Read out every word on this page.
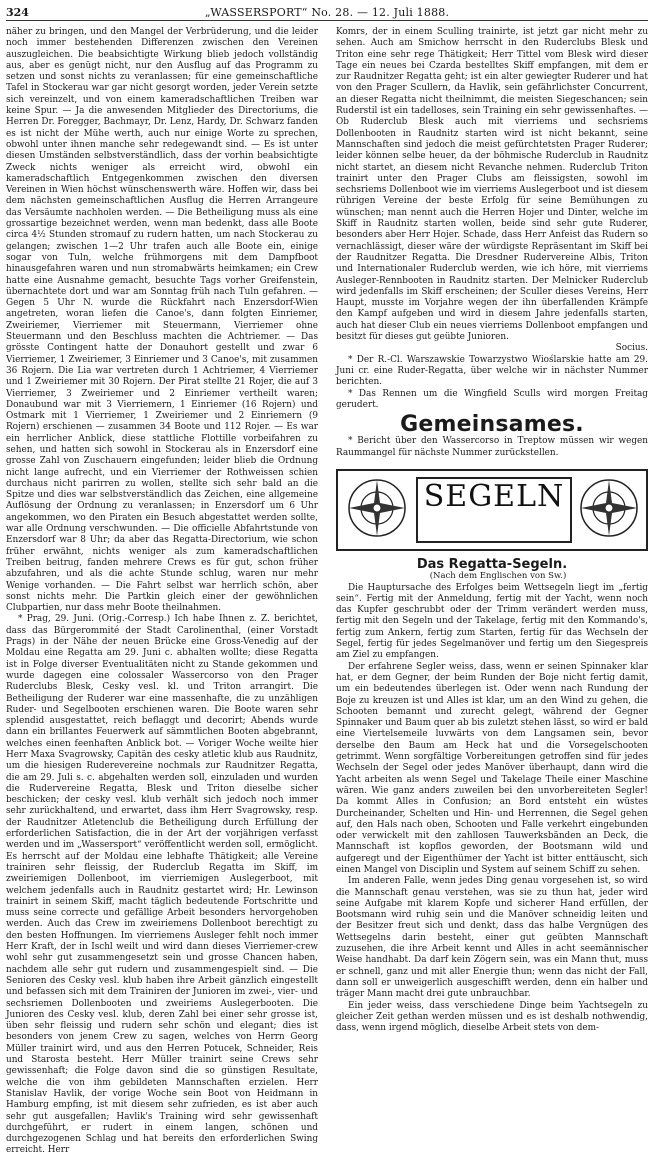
324	„WASSERSPORT“ No. 28. — 12. Juli 1888.

näher zu bringen, und den Mangel der Verbrüderung, und die leider noch immer bestehenden Differenzen zwischen den Vereinen auszugleichen. Die beabsichtigte Wirkung blieb jedoch vollständig aus, aber es genügt nicht, nur den Ausflug auf das Programm zu setzen und sonst nichts zu veranlassen; für eine gemeinschaftliche Tafel in Stockerau war gar nicht gesorgt worden, jeder Verein setzte sich vereinzelt, und von einem kameradschaftlichen Treiben war keine Spur. — Ja die anwesenden Mitglieder des Directoriums, die Herren Dr. Foregger, Bachmayr, Dr. Lenz, Hardy, Dr. Schwarz fanden es ist nicht der Mühe werth, auch nur einige Worte zu sprechen, obwohl unter ihnen manche sehr redegewandt sind. — Es ist unter diesen Umständen selbstverständlich, dass der vorhin beabsichtigte Zweck nichts weniger als erreicht wird, obwohl ein kameradschaftlich Entgegenkommen zwischen den diversen Vereinen in Wien höchst wünschenswerth wäre. Hoffen wir, dass bei dem nächsten gemeinschaftlichen Ausflug die Herren Arrangeure das Versäumte nachholen werden. — Die Betheiligung muss als eine grossartige bezeichnet werden, wenn man bedenkt, dass alle Boote circa 4½ Stunden stromauf zu rudern hatten, um nach Stockerau zu gelangen; zwischen 1—2 Uhr trafen auch alle Boote ein, einige sogar von Tuln, welche frühmorgens mit dem Dampfboot hinausgefahren waren und nun stromabwärts heimkamen; ein Crew hatte eine Ausnahme gemacht, besuchte Tags vorher Greifenstein, übernachtete dort und war am Sonntag früh nach Tuln gefahren. — Gegen 5 Uhr N. wurde die Rückfahrt nach Enzersdorf-Wien angetreten, woran liefen die Canoe's, dann folgten Einriemer, Zweiriemer, Vierriemer mit Steuermann, Vierriemer ohne Steuermann und den Beschluss machten die Achtriemer. — Das grösste Contingent hatte der Donauhort gestellt und zwar 6 Vierriemer, 1 Zweiriemer, 3 Einriemer und 3 Canoe's, mit zusammen 36 Rojern. Die Lia war vertreten durch 1 Achtriemer, 4 Vierriemer und 1 Zweiriemer mit 30 Rojern. Der Pirat stellte 21 Rojer, die auf 3 Vierriemer, 3 Zweiriemer und 2 Einriemer vertheilt waren; Donaubund war mit 3 Vierriemern, 1 Einriemer (16 Rojern) und Ostmark mit 1 Vierriemer, 1 Zweiriemer und 2 Einriemern (9 Rojern) erschienen — zusammen 34 Boote und 112 Rojer. — Es war ein herrlicher Anblick, diese stattliche Flottille vorbeifahren zu sehen, und hatten sich sowohl in Stockerau als in Enzersdorf eine grosse Zahl von Zuschauern eingefunden; leider blieb die Ordnung nicht lange aufrecht, und ein Vierriemer der Rothweissen schien durchaus nicht parirren zu wollen, stellte sich sehr bald an die Spitze und dies war selbstverständlich das Zeichen, eine allgemeine Auflösung der Ordnung zu veranlassen; in Enzersdorf um 6 Uhr angekommen, wo den Piraten ein Besuch abgestattet werden sollte, war alle Ordnung verschwunden. — Die officielle Abfahrtstunde von Enzersdorf war 8 Uhr; da aber das Regatta-Directorium, wie schon früher erwähnt, nichts weniger als zum kameradschaftlichen Treiben beitrug, fanden mehrere Crews es für gut, schon früher abzufahren, und als die achte Stunde schlug, waren nur mehr Wenige vorhanden. — Die Fahrt selbst war herrlich schön, aber sonst nichts mehr. Die Partkin gleich einer der gewöhnlichen Clubpartien, nur dass mehr Boote theilnahmen.

* Prag, 29. Juni. (Orig.-Corresp.) Ich habe Ihnen z. Z. berichtet, dass das Bürgerommité der Stadt Carolinenthal, (einer Vorstadt Prags) in der Nähe der neuen Brücke eine Gross-Venedig auf der Moldau eine Regatta am 29. Juni c. abhalten wollte; diese Regatta ist in Folge diverser Eventualitäten nicht zu Stande gekommen und wurde dagegen eine colossaler Wassercorso von den Prager Ruderclubs Blesk, Cesky vesl. kl. und Triton arrangirt. Die Betheiligung der Ruderer war eine massenhafte, die zu unzähligen Ruder- und Segelbooten erschienen waren. Die Boote waren sehr splendid ausgestattet, reich beflaggt und decorirt; Abends wurde dann ein brillantes Feuerwerk auf sämmtlichen Booten abgebrannt, welches einen feenhaften Anblick bot. — Voriger Woche weilte hier Herr Maxa Svagrowsky, Capitän des cesky atletic klub aus Raudnitz, um die hiesigen Ruderevereine nochmals zur Raudnitzer Regatta, die am 29. Juli s. c. abgehalten werden soll, einzuladen und wurden die Rudervereine Regatta, Blesk und Triton dieselbe sicher beschicken; der cesky vesl. klub verhält sich jedoch noch immer sehr zurückhaltend, und erwartet, dass ihm Herr Svagrowsky, resp. der Raudnitzer Atletenclub die Betheiligung durch Erfüllung der erforderlichen Satisfaction, die in der Art der vorjährigen verfasst werden und im „Wassersport“ veröffentlicht werden soll, ermöglicht. Es herrscht auf der Moldau eine lebhafte Thätigkeit; alle Vereine trainiren sehr fleissig, der Ruderclub Regatta im Skiff, im zweiriemigen Dollenboot, im vierriemigen Auslegerboot, mit welchem jedenfalls auch in Raudnitz gestartet wird; Hr. Lewinson trainirt in seinem Skiff, macht täglich bedeutende Fortschritte und muss seine correcte und gefällige Arbeit besonders hervorgehoben werden. Auch das Crew im zweiriemens Dollenboot berechtigt zu den besten Hoffnungen. Im vierriemens Ausleger fehlt noch immer Herr Kraft, der in Ischl weilt und wird dann dieses Vierriemer-crew wohl sehr gut zusammengesetzt sein und grosse Chancen haben, nachdem alle sehr gut rudern und zusammengespielt sind. — Die Senioren des Cesky vesl. klub haben ihre Arbeit gänzlich eingestellt und befassen sich mit dem Trainiren der Junioren im zwei-, vier- und sechsriemen Dollenbooten und zweiriems Auslegerbooten. Die Junioren des Cesky vesl. klub, deren Zahl bei einer sehr grosse ist, üben sehr fleissig und rudern sehr schön und elegant; dies ist besonders von jenem Crew zu sagen, welches von Herrn Georg Müller trainirt wird, und aus den Herren Potucek, Schneider, Reis und Starosta besteht. Herr Müller trainirt seine Crews sehr gewissenhaft; die Folge davon sind die so günstigen Resultate, welche die von ihm gebildeten Mannschaften erzielen. Herr Stanislav Havlik, der vorige Woche sein Boot von Heidmann in Hamburg empfing, ist mit diesem sehr zufrieden, es ist aber auch sehr gut ausgefallen; Havlik's Training wird sehr gewissenhaft durchgeführt, er rudert in einem langen, schönen und durchgezogenen Schlag und hat bereits den erforderlichen Swing erreicht. Herr

Komrs, der in einem Sculling trainirte, ist jetzt gar nicht mehr zu sehen. Auch am Smichow herrscht in den Ruderclubs Blesk und Triton eine sehr rege Thätigkeit; Herr Tittel vom Blesk wird dieser Tage ein neues bei Czarda bestelltes Skiff empfangen, mit dem er zur Raudnitzer Regatta geht; ist ein alter gewiegter Ruderer und hat von den Prager Scullern, da Havlik, sein gefährlichster Concurrent, an dieser Regatta nicht theilnimmt, die meisten Siegeschancen; sein Ruderstil ist ein tadelloses, sein Training ein sehr gewissenhaftes. — Ob Ruderclub Blesk auch mit vierriems und sechsriems Dollenbooten in Raudnitz starten wird ist nicht bekannt, seine Mannschaften sind jedoch die meist gefürchtetsten Prager Ruderer; leider können selbe heuer, da der böhmische Ruderclub in Raudnitz nicht startet, an diesem nicht Revanche nehmen. Ruderclub Triton trainirt unter den Prager Clubs am fleissigsten, sowohl im sechsriems Dollenboot wie im vierriems Auslegerboot und ist diesem rührigen Vereine der beste Erfolg für seine Bemühungen zu wünschen; man nennt auch die Herren Hojer und Dinter, welche im Skiff in Raudnitz starten wollen, beide sind sehr gute Ruderer, besonders aber Herr Hojer. Schade, dass Herr Anfeist das Rudern so vernachlässigt, dieser wäre der würdigste Repräsentant im Skiff bei der Raudnitzer Regatta. Die Dresdner Rudervereine Albis, Triton und Internationaler Ruderclub werden, wie ich höre, mit vierriems Ausleger-Rennbooten in Raudnitz starten. Der Melnicker Ruderclub wird jedenfalls im Skiff erscheinen; der Sculler dieses Vereins, Herr Haupt, musste im Vorjahre wegen der ihn überfallenden Krämpfe den Kampf aufgeben und wird in diesem Jahre jedenfalls starten, auch hat dieser Club ein neues vierriems Dollenboot empfangen und besitzt für dieses gut geübte Junioren.

Socius.

* Der R.-Cl. Warszawskie Towarzystwo Wioślarskie hatte am 29. Juni cr. eine Ruder-Regatta, über welche wir in nächster Nummer berichten.

* Das Rennen um die Wingfield Sculls wird morgen Freitag gerudert.

Gemeinsames.

* Bericht über den Wassercorso in Treptow müssen wir wegen Raummangel für nächste Nummer zurückstellen.

SEGELN
Das Regatta-Segeln.

(Nach dem Englischen von Sw.)

Die Hauptursache des Erfolges beim Wettsegeln liegt im „fertig sein“. Fertig mit der Anmeldung, fertig mit der Yacht, wenn noch das Kupfer geschrubbt oder der Trimm verändert werden muss, fertig mit den Segeln und der Takelage, fertig mit den Kommando's, fertig zum Ankern, fertig zum Starten, fertig für das Wechseln der Segel, fertig für jedes Segelmanöver und fertig um den Siegespreis am Ziel zu empfangen.

Der erfahrene Segler weiss, dass, wenn er seinen Spinnaker klar hat, er dem Gegner, der beim Runden der Boje nicht fertig damit, um ein bedeutendes überlegen ist. Oder wenn nach Rundung der Boje zu kreuzen ist und Alles ist klar, um an den Wind zu gehen, die Schooten bemannt und zurecht gelegt, während der Gegner Spinnaker und Baum quer ab bis zuletzt stehen lässt, so wird er bald eine Viertelsemeile luvwärts von dem Langsamen sein, bevor derselbe den Baum am Heck hat und die Vorsegelschooten getrimmt. Wenn sorgfältige Vorbereitungen getroffen sind für jedes Wechseln der Segel oder jedes Manöver überhaupt, dann wird die Yacht arbeiten als wenn Segel und Takelage Theile einer Maschine wären. Wie ganz anders zuweilen bei den unvorbereiteten Segler! Da kommt Alles in Confusion; an Bord entsteht ein wüstes Durcheinander, Schelten und Hin- und Herrennen, die Segel gehen auf, den Hals nach oben, Schooten und Falle verkehrt eingebunden oder verwickelt mit den zahllosen Tauwerksbänden an Deck, die Mannschaft ist kopflos geworden, der Bootsmann wild und aufgeregt und der Eigenthümer der Yacht ist bitter enttäuscht, sich einen Mangel von Disciplin und System auf seinem Schiff zu sehen.

Im anderen Falle, wenn jedes Ding genau vorgesehen ist, so wird die Mannschaft genau verstehen, was sie zu thun hat, jeder wird seine Aufgabe mit klarem Kopfe und sicherer Hand erfüllen, der Bootsmann wird ruhig sein und die Manöver schneidig leiten und der Besitzer freut sich und denkt, dass das halbe Vergnügen des Wettsegelns darin besteht, einer gut geübten Mannschaft zuzusehen, die ihre Arbeit kennt und Alles in acht seemännischer Weise handhabt. Da darf kein Zögern sein, was ein Mann thut, muss er schnell, ganz und mit aller Energie thun; wenn das nicht der Fall, dann soll er unweigerlich ausgeschifft werden, denn ein halber und träger Mann macht drei gute unbrauchbar.

Ein jeder weiss, dass verschiedene Dinge beim Yachtsegeln zu gleicher Zeit gethan werden müssen und es ist deshalb nothwendig, dass, wenn irgend möglich, dieselbe Arbeit stets von dem-
